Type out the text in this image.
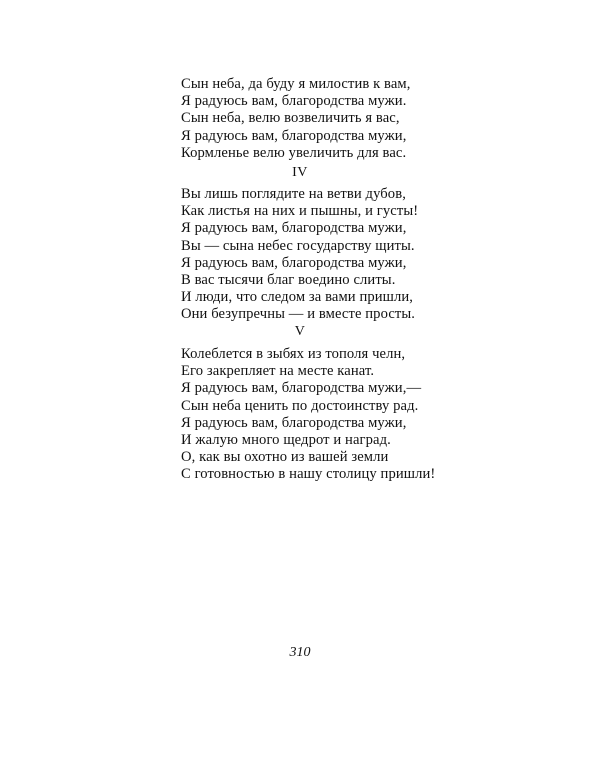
Сын неба, да буду я милостив к вам,
Я радуюсь вам, благородства мужи.
Сын неба, велю возвеличить я вас,
Я радуюсь вам, благородства мужи,
Кормленье велю увеличить для вас.
IV
Вы лишь поглядите на ветви дубов,
Как листья на них и пышны, и густы!
Я радуюсь вам, благородства мужи,
Вы — сына небес государству щиты.
Я радуюсь вам, благородства мужи,
В вас тысячи благ воедино слиты.
И люди, что следом за вами пришли,
Они безупречны — и вместе просты.
V
Колеблется в зыбях из тополя челн,
Его закрепляет на месте канат.
Я радуюсь вам, благородства мужи,—
Сын неба ценить по достоинству рад.
Я радуюсь вам, благородства мужи,
И жалую много щедрот и наград.
О, как вы охотно из вашей земли
С готовностью в нашу столицу пришли!
310
